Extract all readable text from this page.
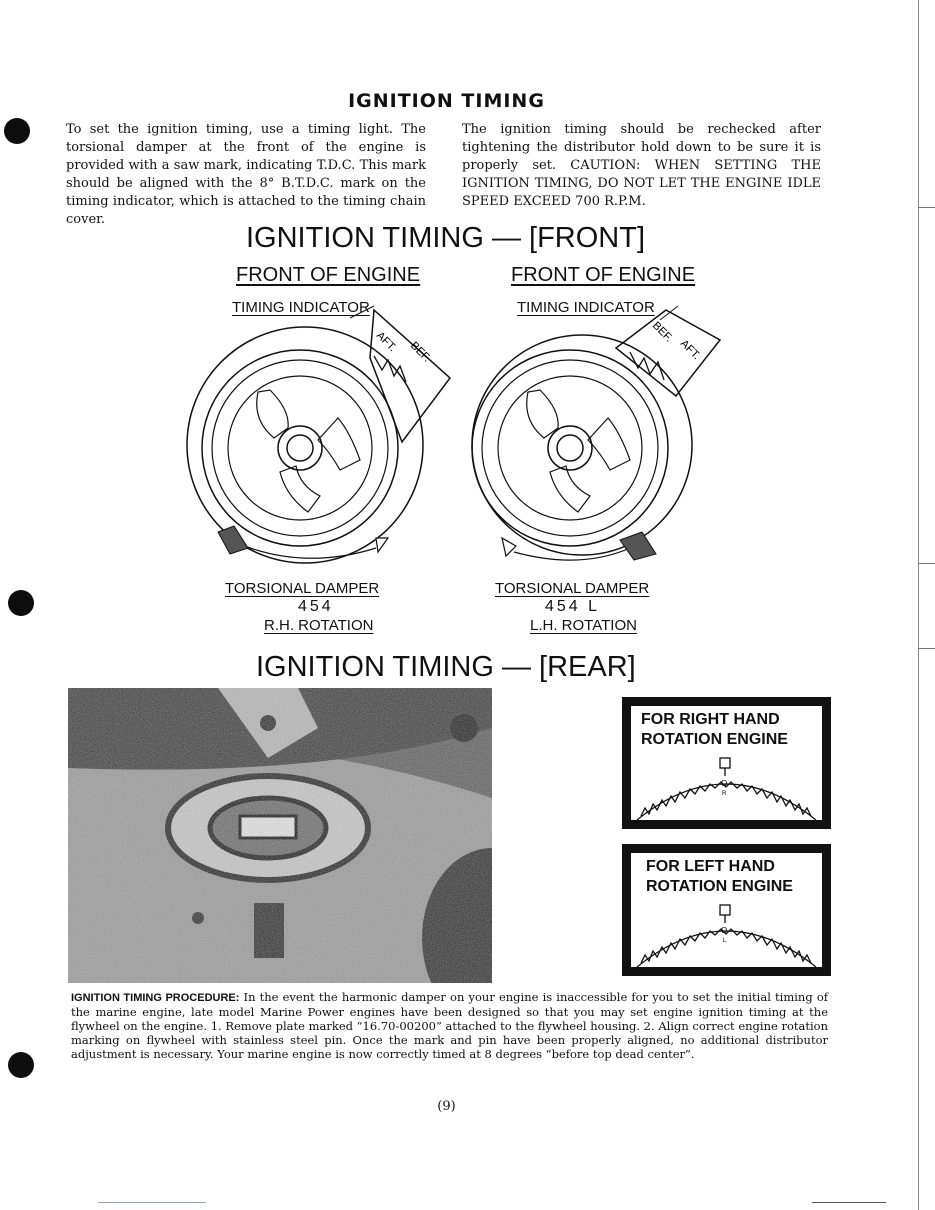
IGNITION TIMING
To set the ignition timing, use a timing light. The torsional damper at the front of the engine is provided with a saw mark, indicating T.D.C. This mark should be aligned with the 8° B.T.D.C. mark on the timing indicator, which is attached to the timing chain cover.
The ignition timing should be rechecked after tightening the distributor hold down to be sure it is properly set. CAUTION: WHEN SETTING THE IGNITION TIMING, DO NOT LET THE ENGINE IDLE SPEED EXCEED 700 R.P.M.
IGNITION TIMING — [FRONT]
FRONT OF ENGINE
TIMING INDICATOR
AFT. BEF.
TORSIONAL DAMPER
454
R.H. ROTATION
FRONT OF ENGINE
TIMING INDICATOR
BEF.
AFT.
TORSIONAL DAMPER
454 L
L.H. ROTATION
IGNITION TIMING — [REAR]
FOR RIGHT HAND
ROTATION ENGINE
O
R
FOR LEFT HAND
ROTATION ENGINE
O
L
IGNITION TIMING PROCEDURE: In the event the harmonic damper on your engine is inaccessible for you to set the initial timing of the marine engine, late model Marine Power engines have been designed so that you may set engine ignition timing at the flywheel on the engine. 1. Remove plate marked “16.70-00200” attached to the flywheel housing. 2. Align correct engine rotation marking on flywheel with stainless steel pin. Once the mark and pin have been properly aligned, no additional distributor adjustment is necessary. Your marine engine is now correctly timed at 8 degrees “before top dead center”.
(9)
